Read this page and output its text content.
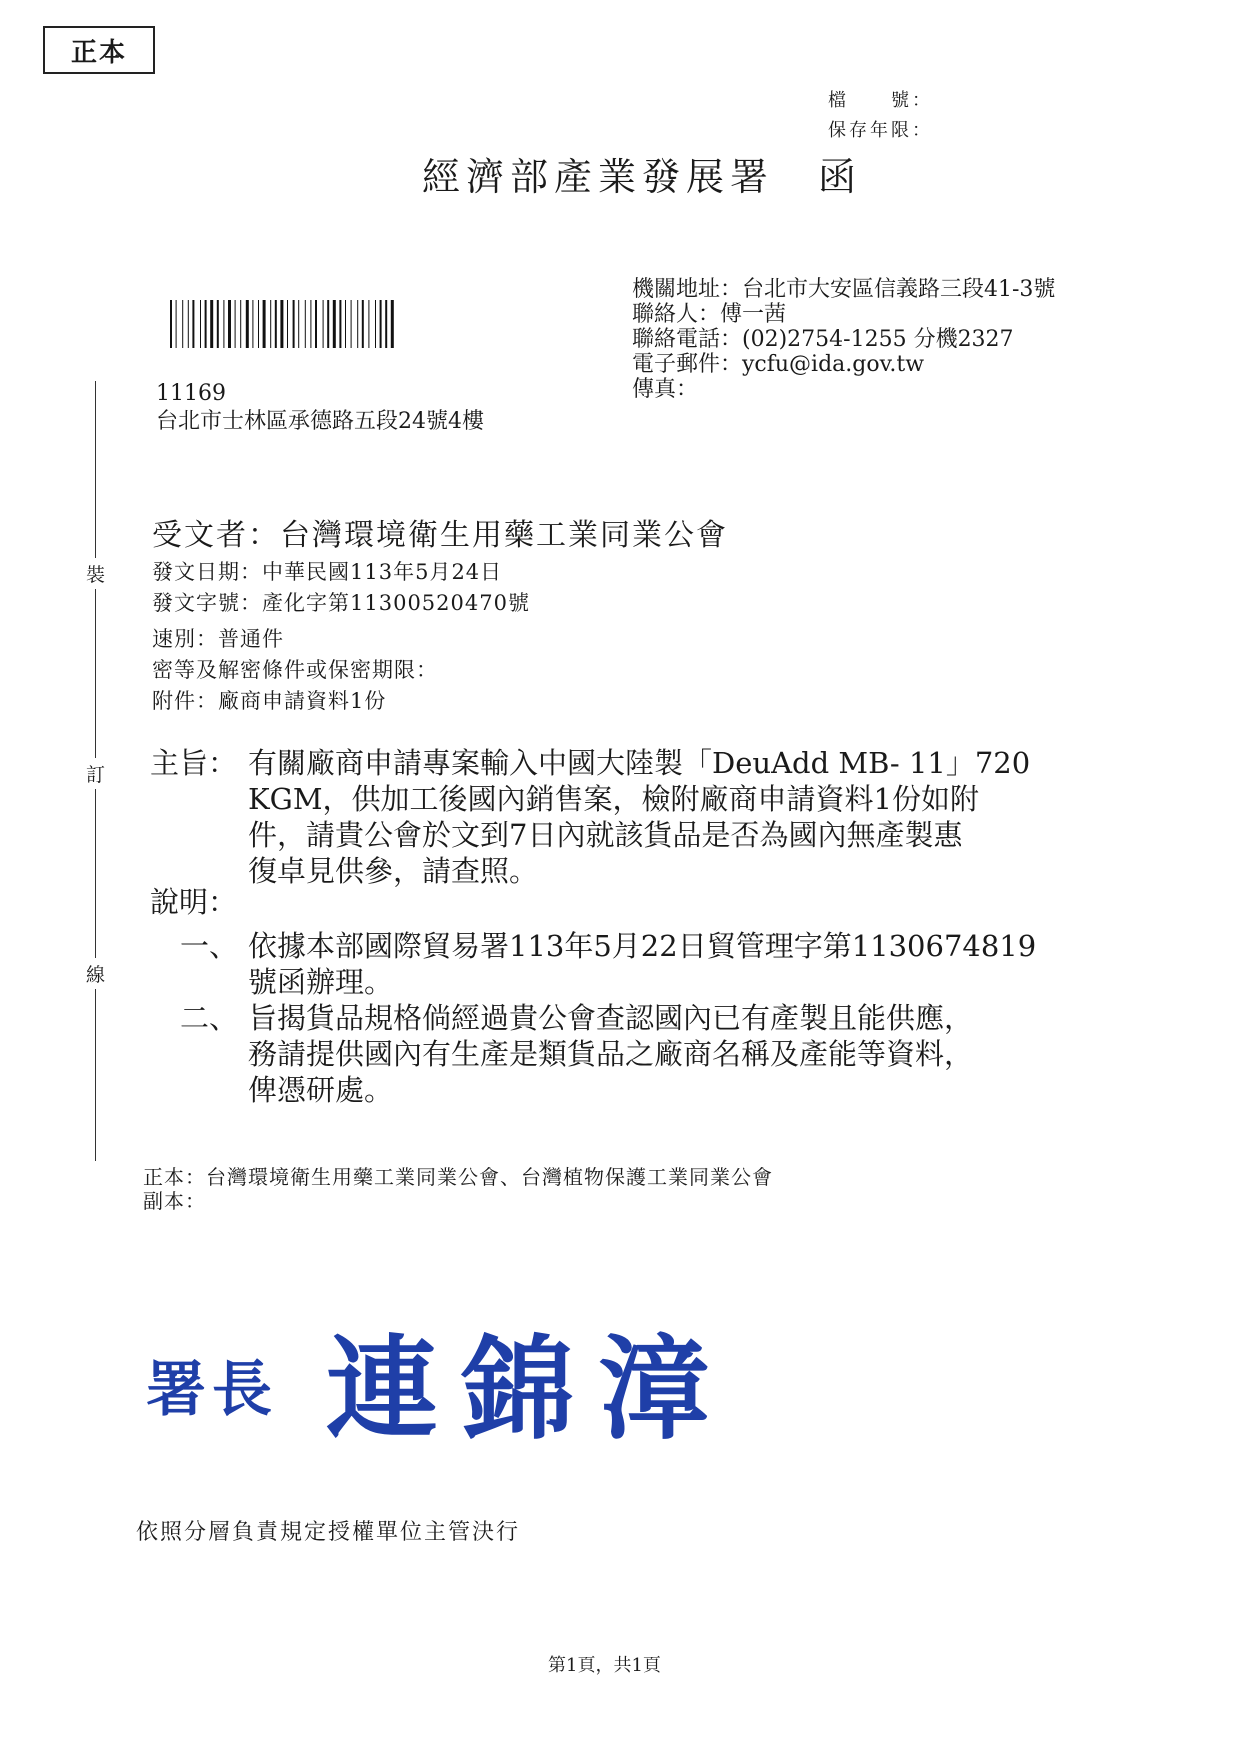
正本
檔　　號：
保存年限：
經濟部產業發展署 函
機關地址：台北市大安區信義路三段41-3號
聯絡人：傅一茜
聯絡電話：(02)2754-1255 分機2327
電子郵件：ycfu@ida.gov.tw
傳真：
11169
台北市士林區承德路五段24號4樓
裝
訂
線
受文者：台灣環境衛生用藥工業同業公會
發文日期：中華民國113年5月24日
發文字號：產化字第11300520470號
速別：普通件
密等及解密條件或保密期限：
附件：廠商申請資料1份
主旨： 有關廠商申請專案輸入中國大陸製「DeuAdd MB- 11」720
KGM，供加工後國內銷售案，檢附廠商申請資料1份如附
件，請貴公會於文到7日內就該貨品是否為國內無產製惠
復卓見供參，請查照。
說明：
一、 依據本部國際貿易署113年5月22日貿管理字第1130674819
號函辦理。
二、 旨揭貨品規格倘經過貴公會查認國內已有產製且能供應，
務請提供國內有生產是類貨品之廠商名稱及產能等資料，
俾憑研處。
正本：台灣環境衛生用藥工業同業公會、台灣植物保護工業同業公會
副本：
署長 連錦漳
依照分層負責規定授權單位主管決行
第1頁，共1頁
